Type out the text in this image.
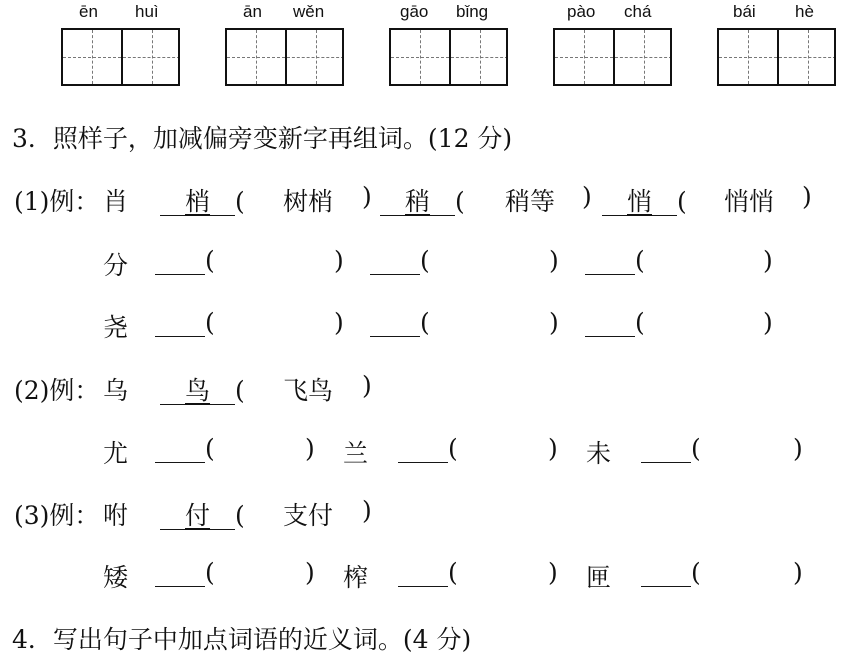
ēn huì	ān wěn	gāo bǐng	pào chá	bái hè
3．照样子，加减偏旁变新字再组词。(12 分)
(1)例： 肖 __梢__( 树梢 ) __稍__( 稍等 ) __悄__( 悄悄 )
分 ____(	) ____(	) ____(	)
尧 ____(	) ____(	) ____(	)
(2)例： 乌 __鸟__( 飞鸟 )
尤 ____(	) 兰 ____(	) 未 ____(	)
(3)例： 咐 __付__( 支付 )
矮 ____(	) 榨 ____(	) 匣 ____(	)
4．写出句子中加点词语的近义词。(4 分)
